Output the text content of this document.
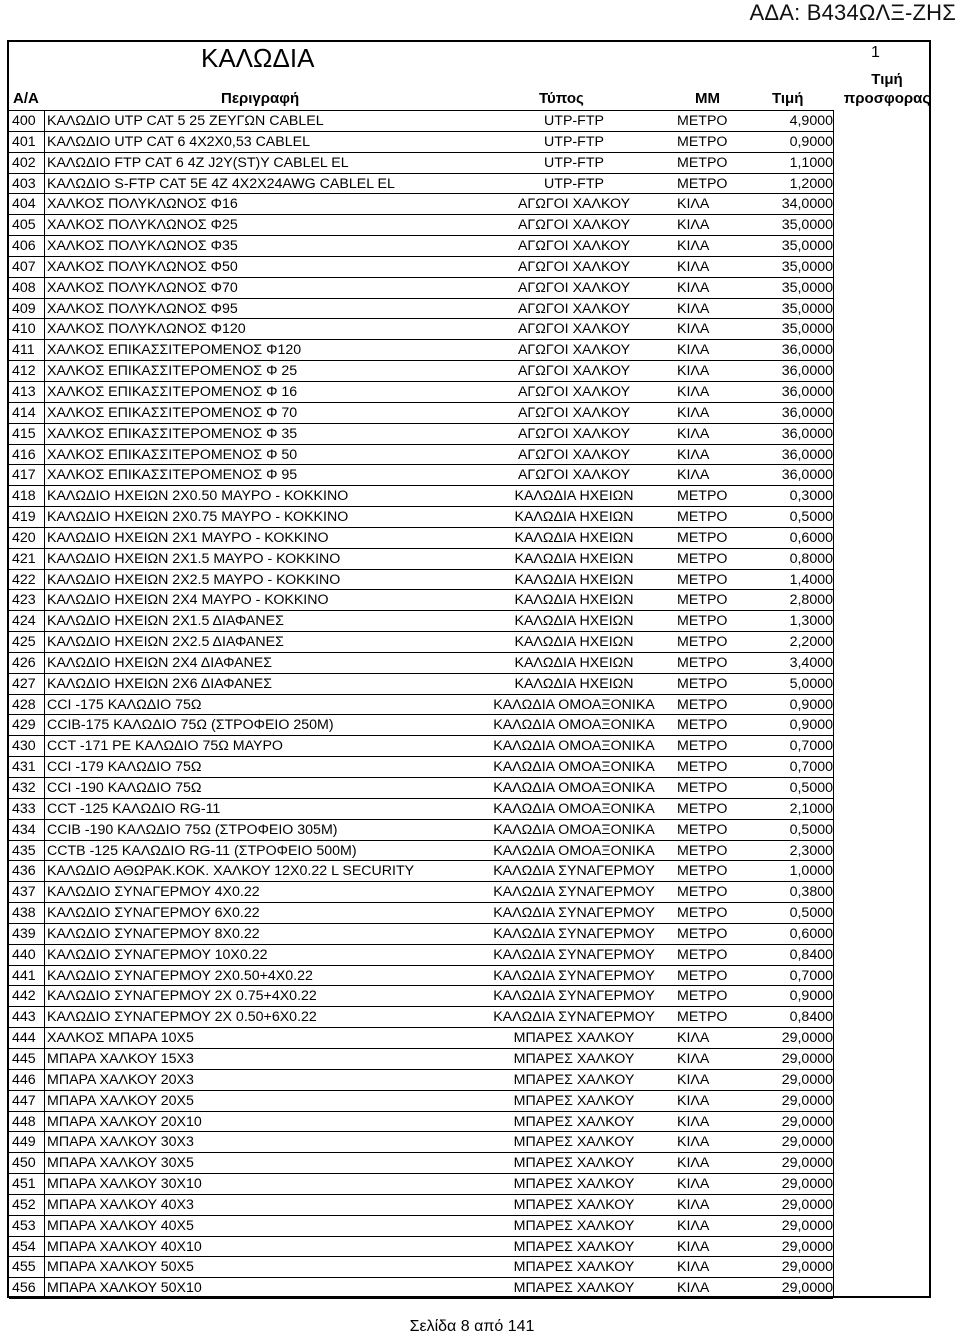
ΑΔΑ: Β434ΩΛΞ-ΖΗΣ
ΚΑΛΩΔΙΑ	1
Α/Α	Περιγραφή	Τύπος	ΜΜ	Τιμή
Τιμή
προσφορας
400 ΚΑΛΩΔΙΟ UTP CAT 5 25 ΖΕΥΓΩΝ CABLEL	UTP-FTP	ΜΕΤΡΟ	4,9000
401 ΚΑΛΩΔΙΟ UTP CAT 6 4X2X0,53 CABLEL	UTP-FTP	ΜΕΤΡΟ	0,9000
402 ΚΑΛΩΔΙΟ FTP CAT 6 4Z J2Y(ST)Y CABLEL EL	UTP-FTP	ΜΕΤΡΟ	1,1000
403 ΚΑΛΩΔΙΟ S-FTP CAT 5E 4Z 4X2X24AWG CABLEL EL	UTP-FTP	ΜΕΤΡΟ	1,2000
404 ΧΑΛΚΟΣ ΠΟΛΥΚΛΩΝΟΣ Φ16	ΑΓΩΓΟΙ ΧΑΛΚΟΥ	ΚΙΛΑ	34,0000
405 ΧΑΛΚΟΣ ΠΟΛΥΚΛΩΝΟΣ Φ25	ΑΓΩΓΟΙ ΧΑΛΚΟΥ	ΚΙΛΑ	35,0000
406 ΧΑΛΚΟΣ ΠΟΛΥΚΛΩΝΟΣ Φ35	ΑΓΩΓΟΙ ΧΑΛΚΟΥ	ΚΙΛΑ	35,0000
407 ΧΑΛΚΟΣ ΠΟΛΥΚΛΩΝΟΣ Φ50	ΑΓΩΓΟΙ ΧΑΛΚΟΥ	ΚΙΛΑ	35,0000
408 ΧΑΛΚΟΣ ΠΟΛΥΚΛΩΝΟΣ Φ70	ΑΓΩΓΟΙ ΧΑΛΚΟΥ	ΚΙΛΑ	35,0000
409 ΧΑΛΚΟΣ ΠΟΛΥΚΛΩΝΟΣ Φ95	ΑΓΩΓΟΙ ΧΑΛΚΟΥ	ΚΙΛΑ	35,0000
410 ΧΑΛΚΟΣ ΠΟΛΥΚΛΩΝΟΣ Φ120	ΑΓΩΓΟΙ ΧΑΛΚΟΥ	ΚΙΛΑ	35,0000
411 ΧΑΛΚΟΣ ΕΠΙΚΑΣΣΙΤΕΡΟΜΕΝΟΣ Φ120	ΑΓΩΓΟΙ ΧΑΛΚΟΥ	ΚΙΛΑ	36,0000
412 ΧΑΛΚΟΣ ΕΠΙΚΑΣΣΙΤΕΡΟΜΕΝΟΣ Φ 25	ΑΓΩΓΟΙ ΧΑΛΚΟΥ	ΚΙΛΑ	36,0000
413 ΧΑΛΚΟΣ ΕΠΙΚΑΣΣΙΤΕΡΟΜΕΝΟΣ Φ 16	ΑΓΩΓΟΙ ΧΑΛΚΟΥ	ΚΙΛΑ	36,0000
414 ΧΑΛΚΟΣ ΕΠΙΚΑΣΣΙΤΕΡΟΜΕΝΟΣ Φ 70	ΑΓΩΓΟΙ ΧΑΛΚΟΥ	ΚΙΛΑ	36,0000
415 ΧΑΛΚΟΣ ΕΠΙΚΑΣΣΙΤΕΡΟΜΕΝΟΣ Φ 35	ΑΓΩΓΟΙ ΧΑΛΚΟΥ	ΚΙΛΑ	36,0000
416 ΧΑΛΚΟΣ ΕΠΙΚΑΣΣΙΤΕΡΟΜΕΝΟΣ Φ 50	ΑΓΩΓΟΙ ΧΑΛΚΟΥ	ΚΙΛΑ	36,0000
417 ΧΑΛΚΟΣ ΕΠΙΚΑΣΣΙΤΕΡΟΜΕΝΟΣ Φ 95	ΑΓΩΓΟΙ ΧΑΛΚΟΥ	ΚΙΛΑ	36,0000
418 ΚΑΛΩΔΙΟ ΗΧΕΙΩΝ 2Χ0.50 ΜΑΥΡΟ - ΚΟΚΚΙΝΟ	ΚΑΛΩΔΙΑ ΗΧΕΙΩΝ	ΜΕΤΡΟ	0,3000
419 ΚΑΛΩΔΙΟ ΗΧΕΙΩΝ 2Χ0.75 ΜΑΥΡΟ - ΚΟΚΚΙΝΟ	ΚΑΛΩΔΙΑ ΗΧΕΙΩΝ	ΜΕΤΡΟ	0,5000
420 ΚΑΛΩΔΙΟ ΗΧΕΙΩΝ 2Χ1 ΜΑΥΡΟ - ΚΟΚΚΙΝΟ	ΚΑΛΩΔΙΑ ΗΧΕΙΩΝ	ΜΕΤΡΟ	0,6000
421 ΚΑΛΩΔΙΟ ΗΧΕΙΩΝ 2Χ1.5 ΜΑΥΡΟ - ΚΟΚΚΙΝΟ	ΚΑΛΩΔΙΑ ΗΧΕΙΩΝ	ΜΕΤΡΟ	0,8000
422 ΚΑΛΩΔΙΟ ΗΧΕΙΩΝ 2Χ2.5 ΜΑΥΡΟ - ΚΟΚΚΙΝΟ	ΚΑΛΩΔΙΑ ΗΧΕΙΩΝ	ΜΕΤΡΟ	1,4000
423 ΚΑΛΩΔΙΟ ΗΧΕΙΩΝ 2Χ4 ΜΑΥΡΟ - ΚΟΚΚΙΝΟ	ΚΑΛΩΔΙΑ ΗΧΕΙΩΝ	ΜΕΤΡΟ	2,8000
424 ΚΑΛΩΔΙΟ ΗΧΕΙΩΝ 2Χ1.5 ΔΙΑΦΑΝΕΣ	ΚΑΛΩΔΙΑ ΗΧΕΙΩΝ	ΜΕΤΡΟ	1,3000
425 ΚΑΛΩΔΙΟ ΗΧΕΙΩΝ 2Χ2.5 ΔΙΑΦΑΝΕΣ	ΚΑΛΩΔΙΑ ΗΧΕΙΩΝ	ΜΕΤΡΟ	2,2000
426 ΚΑΛΩΔΙΟ ΗΧΕΙΩΝ 2Χ4 ΔΙΑΦΑΝΕΣ	ΚΑΛΩΔΙΑ ΗΧΕΙΩΝ	ΜΕΤΡΟ	3,4000
427 ΚΑΛΩΔΙΟ ΗΧΕΙΩΝ 2Χ6 ΔΙΑΦΑΝΕΣ	ΚΑΛΩΔΙΑ ΗΧΕΙΩΝ	ΜΕΤΡΟ	5,0000
428 CCI -175 ΚΑΛΩΔΙΟ 75Ω	ΚΑΛΩΔΙΑ ΟΜΟΑΞΟΝΙΚΑ	ΜΕΤΡΟ	0,9000
429 CCIB-175 ΚΑΛΩΔΙΟ 75Ω (ΣΤΡΟΦΕΙΟ 250Μ)	ΚΑΛΩΔΙΑ ΟΜΟΑΞΟΝΙΚΑ	ΜΕΤΡΟ	0,9000
430 CCT -171 PE ΚΑΛΩΔΙΟ 75Ω ΜΑΥΡΟ	ΚΑΛΩΔΙΑ ΟΜΟΑΞΟΝΙΚΑ	ΜΕΤΡΟ	0,7000
431 CCI -179 ΚΑΛΩΔΙΟ 75Ω	ΚΑΛΩΔΙΑ ΟΜΟΑΞΟΝΙΚΑ	ΜΕΤΡΟ	0,7000
432 CCI -190 ΚΑΛΩΔΙΟ 75Ω	ΚΑΛΩΔΙΑ ΟΜΟΑΞΟΝΙΚΑ	ΜΕΤΡΟ	0,5000
433 CCT -125 ΚΑΛΩΔΙΟ RG-11	ΚΑΛΩΔΙΑ ΟΜΟΑΞΟΝΙΚΑ	ΜΕΤΡΟ	2,1000
434 CCIB -190 ΚΑΛΩΔΙΟ 75Ω (ΣΤΡΟΦΕΙΟ 305Μ)	ΚΑΛΩΔΙΑ ΟΜΟΑΞΟΝΙΚΑ	ΜΕΤΡΟ	0,5000
435 CCTB -125 ΚΑΛΩΔΙΟ RG-11 (ΣΤΡΟΦΕΙΟ 500Μ)	ΚΑΛΩΔΙΑ ΟΜΟΑΞΟΝΙΚΑ	ΜΕΤΡΟ	2,3000
436 ΚΑΛΩΔΙΟ ΑΘΩΡΑΚ.ΚΟΚ. ΧΑΛΚΟΥ 12Χ0.22 L SECURITY	ΚΑΛΩΔΙΑ ΣΥΝΑΓΕΡΜΟΥ	ΜΕΤΡΟ	1,0000
437 ΚΑΛΩΔΙΟ ΣΥΝΑΓΕΡΜΟΥ 4Χ0.22	ΚΑΛΩΔΙΑ ΣΥΝΑΓΕΡΜΟΥ	ΜΕΤΡΟ	0,3800
438 ΚΑΛΩΔΙΟ ΣΥΝΑΓΕΡΜΟΥ 6Χ0.22	ΚΑΛΩΔΙΑ ΣΥΝΑΓΕΡΜΟΥ	ΜΕΤΡΟ	0,5000
439 ΚΑΛΩΔΙΟ ΣΥΝΑΓΕΡΜΟΥ 8Χ0.22	ΚΑΛΩΔΙΑ ΣΥΝΑΓΕΡΜΟΥ	ΜΕΤΡΟ	0,6000
440 ΚΑΛΩΔΙΟ ΣΥΝΑΓΕΡΜΟΥ 10Χ0.22	ΚΑΛΩΔΙΑ ΣΥΝΑΓΕΡΜΟΥ	ΜΕΤΡΟ	0,8400
441 ΚΑΛΩΔΙΟ ΣΥΝΑΓΕΡΜΟΥ 2Χ0.50+4Χ0.22	ΚΑΛΩΔΙΑ ΣΥΝΑΓΕΡΜΟΥ	ΜΕΤΡΟ	0,7000
442 ΚΑΛΩΔΙΟ ΣΥΝΑΓΕΡΜΟΥ 2Χ 0.75+4Χ0.22	ΚΑΛΩΔΙΑ ΣΥΝΑΓΕΡΜΟΥ	ΜΕΤΡΟ	0,9000
443 ΚΑΛΩΔΙΟ ΣΥΝΑΓΕΡΜΟΥ 2Χ 0.50+6Χ0.22	ΚΑΛΩΔΙΑ ΣΥΝΑΓΕΡΜΟΥ	ΜΕΤΡΟ	0,8400
444 ΧΑΛΚΟΣ ΜΠΑΡΑ 10Χ5	ΜΠΑΡΕΣ ΧΑΛΚΟΥ	ΚΙΛΑ	29,0000
445 ΜΠΑΡΑ ΧΑΛΚΟΥ 15Χ3	ΜΠΑΡΕΣ ΧΑΛΚΟΥ	ΚΙΛΑ	29,0000
446 ΜΠΑΡΑ ΧΑΛΚΟΥ 20Χ3	ΜΠΑΡΕΣ ΧΑΛΚΟΥ	ΚΙΛΑ	29,0000
447 ΜΠΑΡΑ ΧΑΛΚΟΥ 20Χ5	ΜΠΑΡΕΣ ΧΑΛΚΟΥ	ΚΙΛΑ	29,0000
448 ΜΠΑΡΑ ΧΑΛΚΟΥ 20Χ10	ΜΠΑΡΕΣ ΧΑΛΚΟΥ	ΚΙΛΑ	29,0000
449 ΜΠΑΡΑ ΧΑΛΚΟΥ 30Χ3	ΜΠΑΡΕΣ ΧΑΛΚΟΥ	ΚΙΛΑ	29,0000
450 ΜΠΑΡΑ ΧΑΛΚΟΥ 30Χ5	ΜΠΑΡΕΣ ΧΑΛΚΟΥ	ΚΙΛΑ	29,0000
451 ΜΠΑΡΑ ΧΑΛΚΟΥ 30Χ10	ΜΠΑΡΕΣ ΧΑΛΚΟΥ	ΚΙΛΑ	29,0000
452 ΜΠΑΡΑ ΧΑΛΚΟΥ 40Χ3	ΜΠΑΡΕΣ ΧΑΛΚΟΥ	ΚΙΛΑ	29,0000
453 ΜΠΑΡΑ ΧΑΛΚΟΥ 40Χ5	ΜΠΑΡΕΣ ΧΑΛΚΟΥ	ΚΙΛΑ	29,0000
454 ΜΠΑΡΑ ΧΑΛΚΟΥ 40Χ10	ΜΠΑΡΕΣ ΧΑΛΚΟΥ	ΚΙΛΑ	29,0000
455 ΜΠΑΡΑ ΧΑΛΚΟΥ 50Χ5	ΜΠΑΡΕΣ ΧΑΛΚΟΥ	ΚΙΛΑ	29,0000
456 ΜΠΑΡΑ ΧΑΛΚΟΥ 50Χ10	ΜΠΑΡΕΣ ΧΑΛΚΟΥ	ΚΙΛΑ	29,0000
Σελίδα 8 από 141
